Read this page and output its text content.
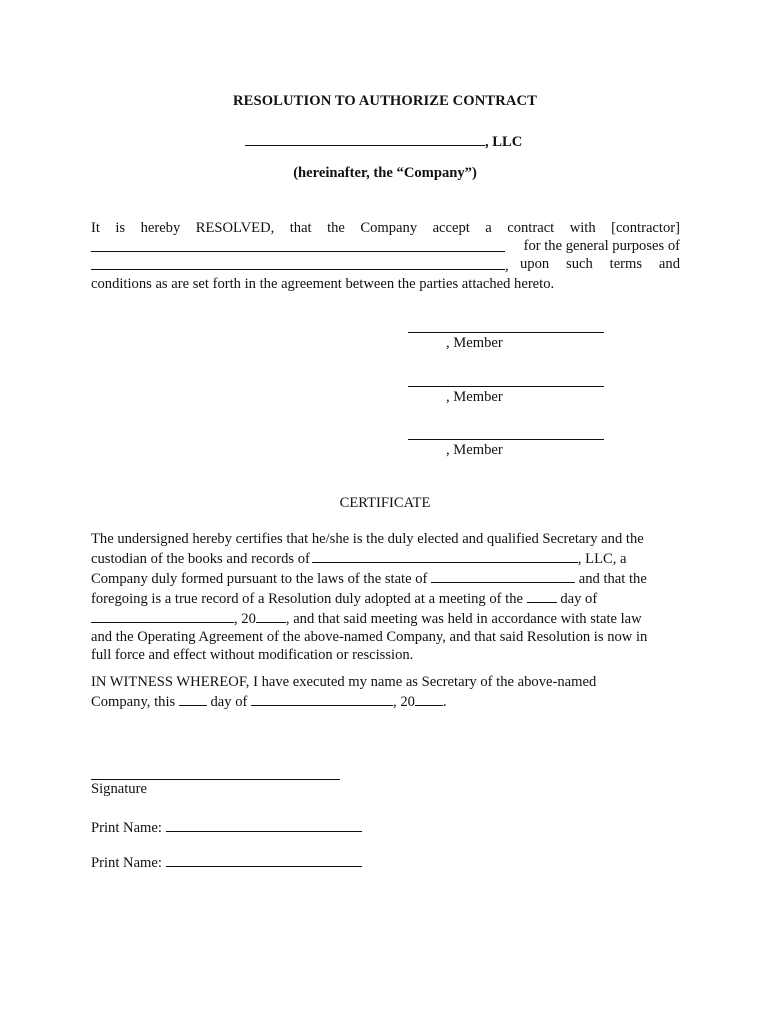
RESOLUTION TO AUTHORIZE CONTRACT
, LLC
(hereinafter, the “Company”)
It is hereby RESOLVED, that the Company accept a contract with [contractor]
for the general purposes of
, upon such terms and
conditions as are set forth in the agreement between the parties attached hereto.
, Member
, Member
, Member
CERTIFICATE
The undersigned hereby certifies that he/she is the duly elected and qualified Secretary and the
custodian of the books and records of	, LLC, a
Company duly formed pursuant to the laws of the state of	and that the
foregoing is a true record of a Resolution duly adopted at a meeting of the	day of
, 20 , and that said meeting was held in accordance with state law
and the Operating Agreement of the above-named Company, and that said Resolution is now in
full force and effect without modification or rescission.
IN WITNESS WHEREOF, I have executed my name as Secretary of the above-named
Company, this day of	, 20 .
Signature
Print Name:
Print Name:
